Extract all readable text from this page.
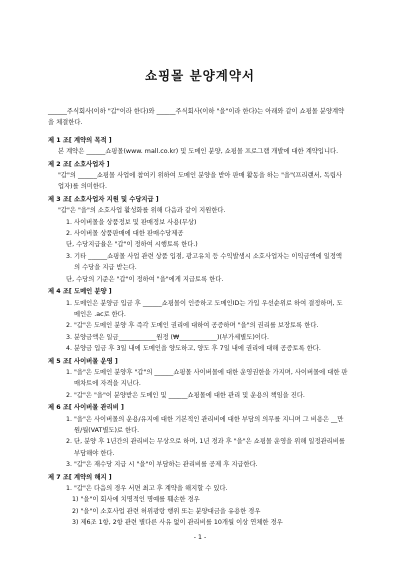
쇼핑몰 분양계약서
______주식회사(이하 "갑"이라 한다)와 ______주식회사(이하 "을"이라 한다)는 아래와 같이 쇼핑몰 분양계약을 체결한다.
제 1 조[ 계약의 목적 ]
본 계약은 ______쇼핑몰(www. mall.co.kr) 및 도메인 분양, 쇼핑몰 프로그램 개발에 대한 계약입니다.
제 2 조[ 소호사업자 ]
"갑"의 ______쇼핑몰 사업에 참여키 위하여 도메인 분양을 받아 판매 활동을 하는 "을"(프리랜서, 독립사업자)를 의미한다.
제 3 조[ 소호사업자 지원 및 수당지급 ]
"갑"은 "을"의 소호사업 활성화를 위해 다음과 같이 지원한다.
1. 사이버몰을 상품정보 및 판매정보 사용(무상)
2. 사이버몰 상품판매에 대한 판매수당제공
단, 수당지급율은 "갑"이 정하여 시행토록 한다.)
3. 기타 ______쇼핑몰 사업 관련 상품 입점, 광고유치 등 수익발생시 소호사업자는 이익금액에 일정액의 수당을 지급 받는다.
단, 수당의 기준은 "갑"이 정하여 "을"에게 지급토록 한다.
제 4 조[ 도메인 분양 ]
1. 도메인은 분양금 입금 후 ______쇼핑몰이 인증하고 도메인ID는 가입 우선순위로 하여 결정하며, 도메인은 .ac로 한다.
2. "갑"은 도메인 분양 후 즉각 도메인 권리에 대하여 공증하며 "을"의 권리를 보장토록 한다.
3. 분양금액은 일금____________원정 (₩____________)(부가세별도)이다.
4. 분양금 입금 후 3일 내에 도메인을 양도하고, 양도 후 7일 내에 권리에 대해 공증토록 한다.
제 5 조[ 사이버몰 운영 ]
1. "을"은 도메인 분양후 "갑"의 ______쇼핑몰 사이버몰에 대한 운영권한을 가지며, 사이버몰에 대한 판매차트에 자격을 지닌다.
2. "갑"은 "을"이 분양받은 도메인 및 ______쇼핑몰에 대한 관리 및 운용의 책임을 진다.
제 6 조[ 사이버몰 관리비 ]
1. "을"은 사이버몰의 운용/유지에 대한 기본적인 관리비에 대한 부담의 의무를 지니며 그 비용은 __만원/월(VAT별도)로 한다.
2. 단, 분양 후 1년간의 관리비는 무상으로 하며, 1년 경과 후 "을"은 쇼핑몰 운영을 위해 일정관리비를 부담해야 한다.
3. "갑"은 재수당 지급 시 "을"이 부담하는 관리비를 공제 후 지급한다.
제 7 조[ 계약의 해지 ]
1. "갑"은 다음의 경우 서면 최고 후 계약을 해지할 수 있다.
1) "을"이 회사에 치명적인 명예를 훼손한 경우
2) "을"이 소호사업 관련 허위광랑 행위 또는 분양대금을 유용한 경우
3) 제6조 1항, 2항 관련 별다른 사유 없이 관리비를 10개월 이상 연체한 경우
- 1 -
